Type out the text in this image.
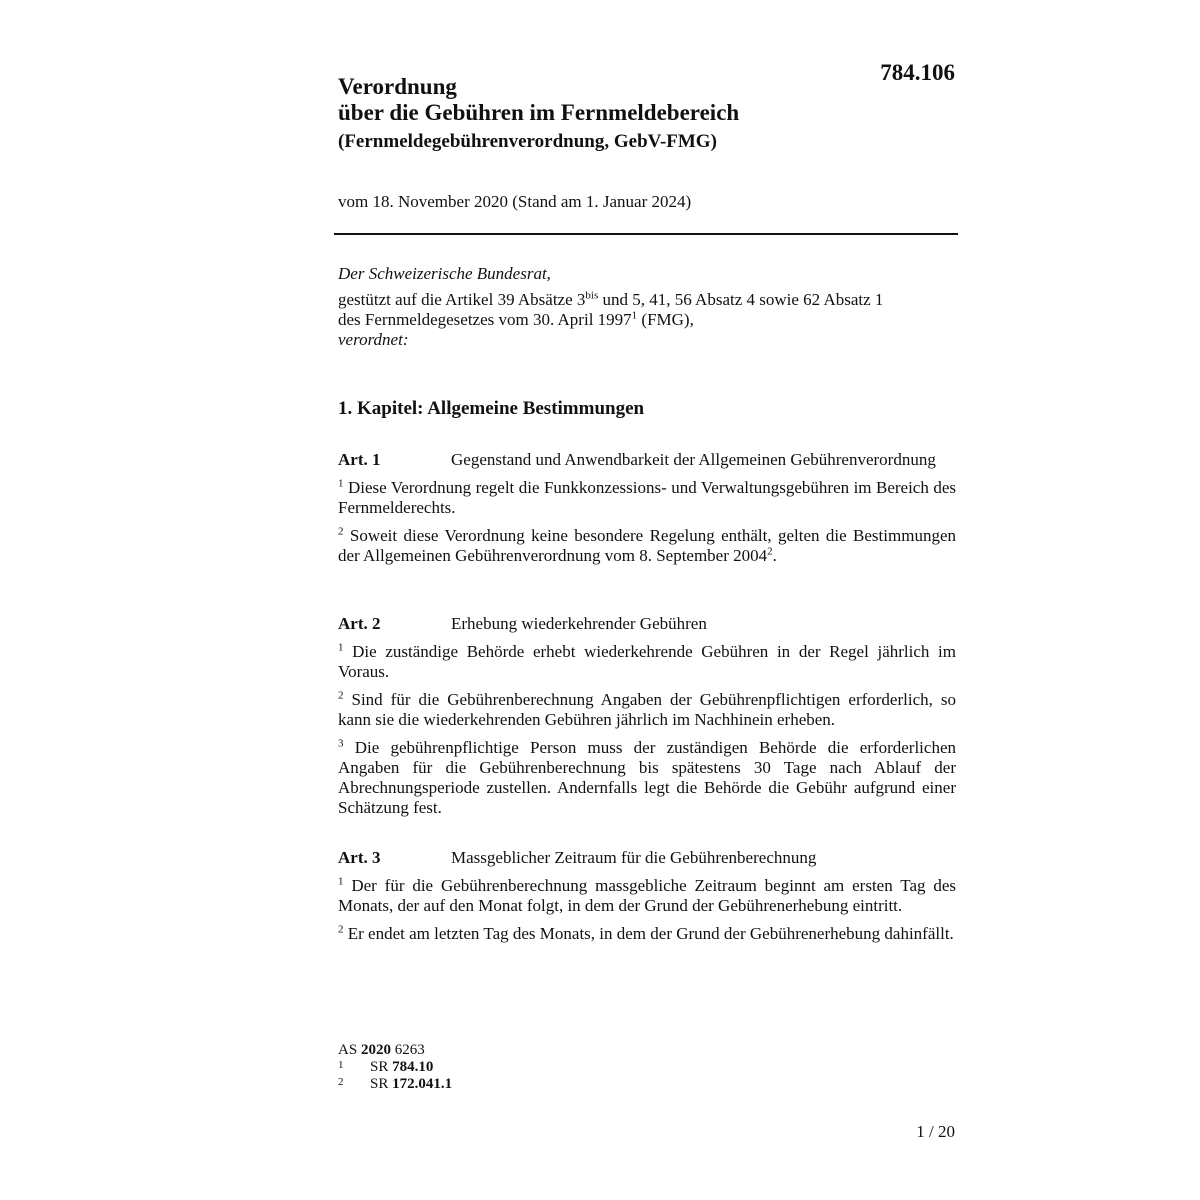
784.106
Verordnung
über die Gebühren im Fernmeldebereich
(Fernmeldegebührenverordnung, GebV-FMG)
vom 18. November 2020 (Stand am 1. Januar 2024)

Der Schweizerische Bundesrat,

gestützt auf die Artikel 39 Absätze $3^{bis}$ und 5, 41, 56 Absatz 4 sowie 62 Absatz 1
des Fernmeldegesetzes vom 30. April 1997$^1$ (FMG),

verordnet:

1. Kapitel: Allgemeine Bestimmungen
Art. 1	Gegenstand und Anwendbarkeit der Allgemeinen Gebührenverordnung

$^1$ Diese Verordnung regelt die Funkkonzessions- und Verwaltungsgebühren im Bereich des Fernmelderechts.

$^2$ Soweit diese Verordnung keine besondere Regelung enthält, gelten die Bestimmungen der Allgemeinen Gebührenverordnung vom 8. September 2004$^2$.

Art. 2	Erhebung wiederkehrender Gebühren

$^1$ Die zuständige Behörde erhebt wiederkehrende Gebühren in der Regel jährlich im Voraus.

$^2$ Sind für die Gebührenberechnung Angaben der Gebührenpflichtigen erforderlich, so kann sie die wiederkehrenden Gebühren jährlich im Nachhinein erheben.

$^3$ Die gebührenpflichtige Person muss der zuständigen Behörde die erforderlichen Angaben für die Gebührenberechnung bis spätestens 30 Tage nach Ablauf der Abrechnungsperiode zustellen. Andernfalls legt die Behörde die Gebühr aufgrund einer Schätzung fest.

Art. 3	Massgeblicher Zeitraum für die Gebührenberechnung

$^1$ Der für die Gebührenberechnung massgebliche Zeitraum beginnt am ersten Tag des Monats, der auf den Monat folgt, in dem der Grund der Gebührenerhebung eintritt.

$^2$ Er endet am letzten Tag des Monats, in dem der Grund der Gebührenerhebung dahinfällt.

AS 2020 6263
1	SR
784.10
2	SR
172.041.1
1 / 20
